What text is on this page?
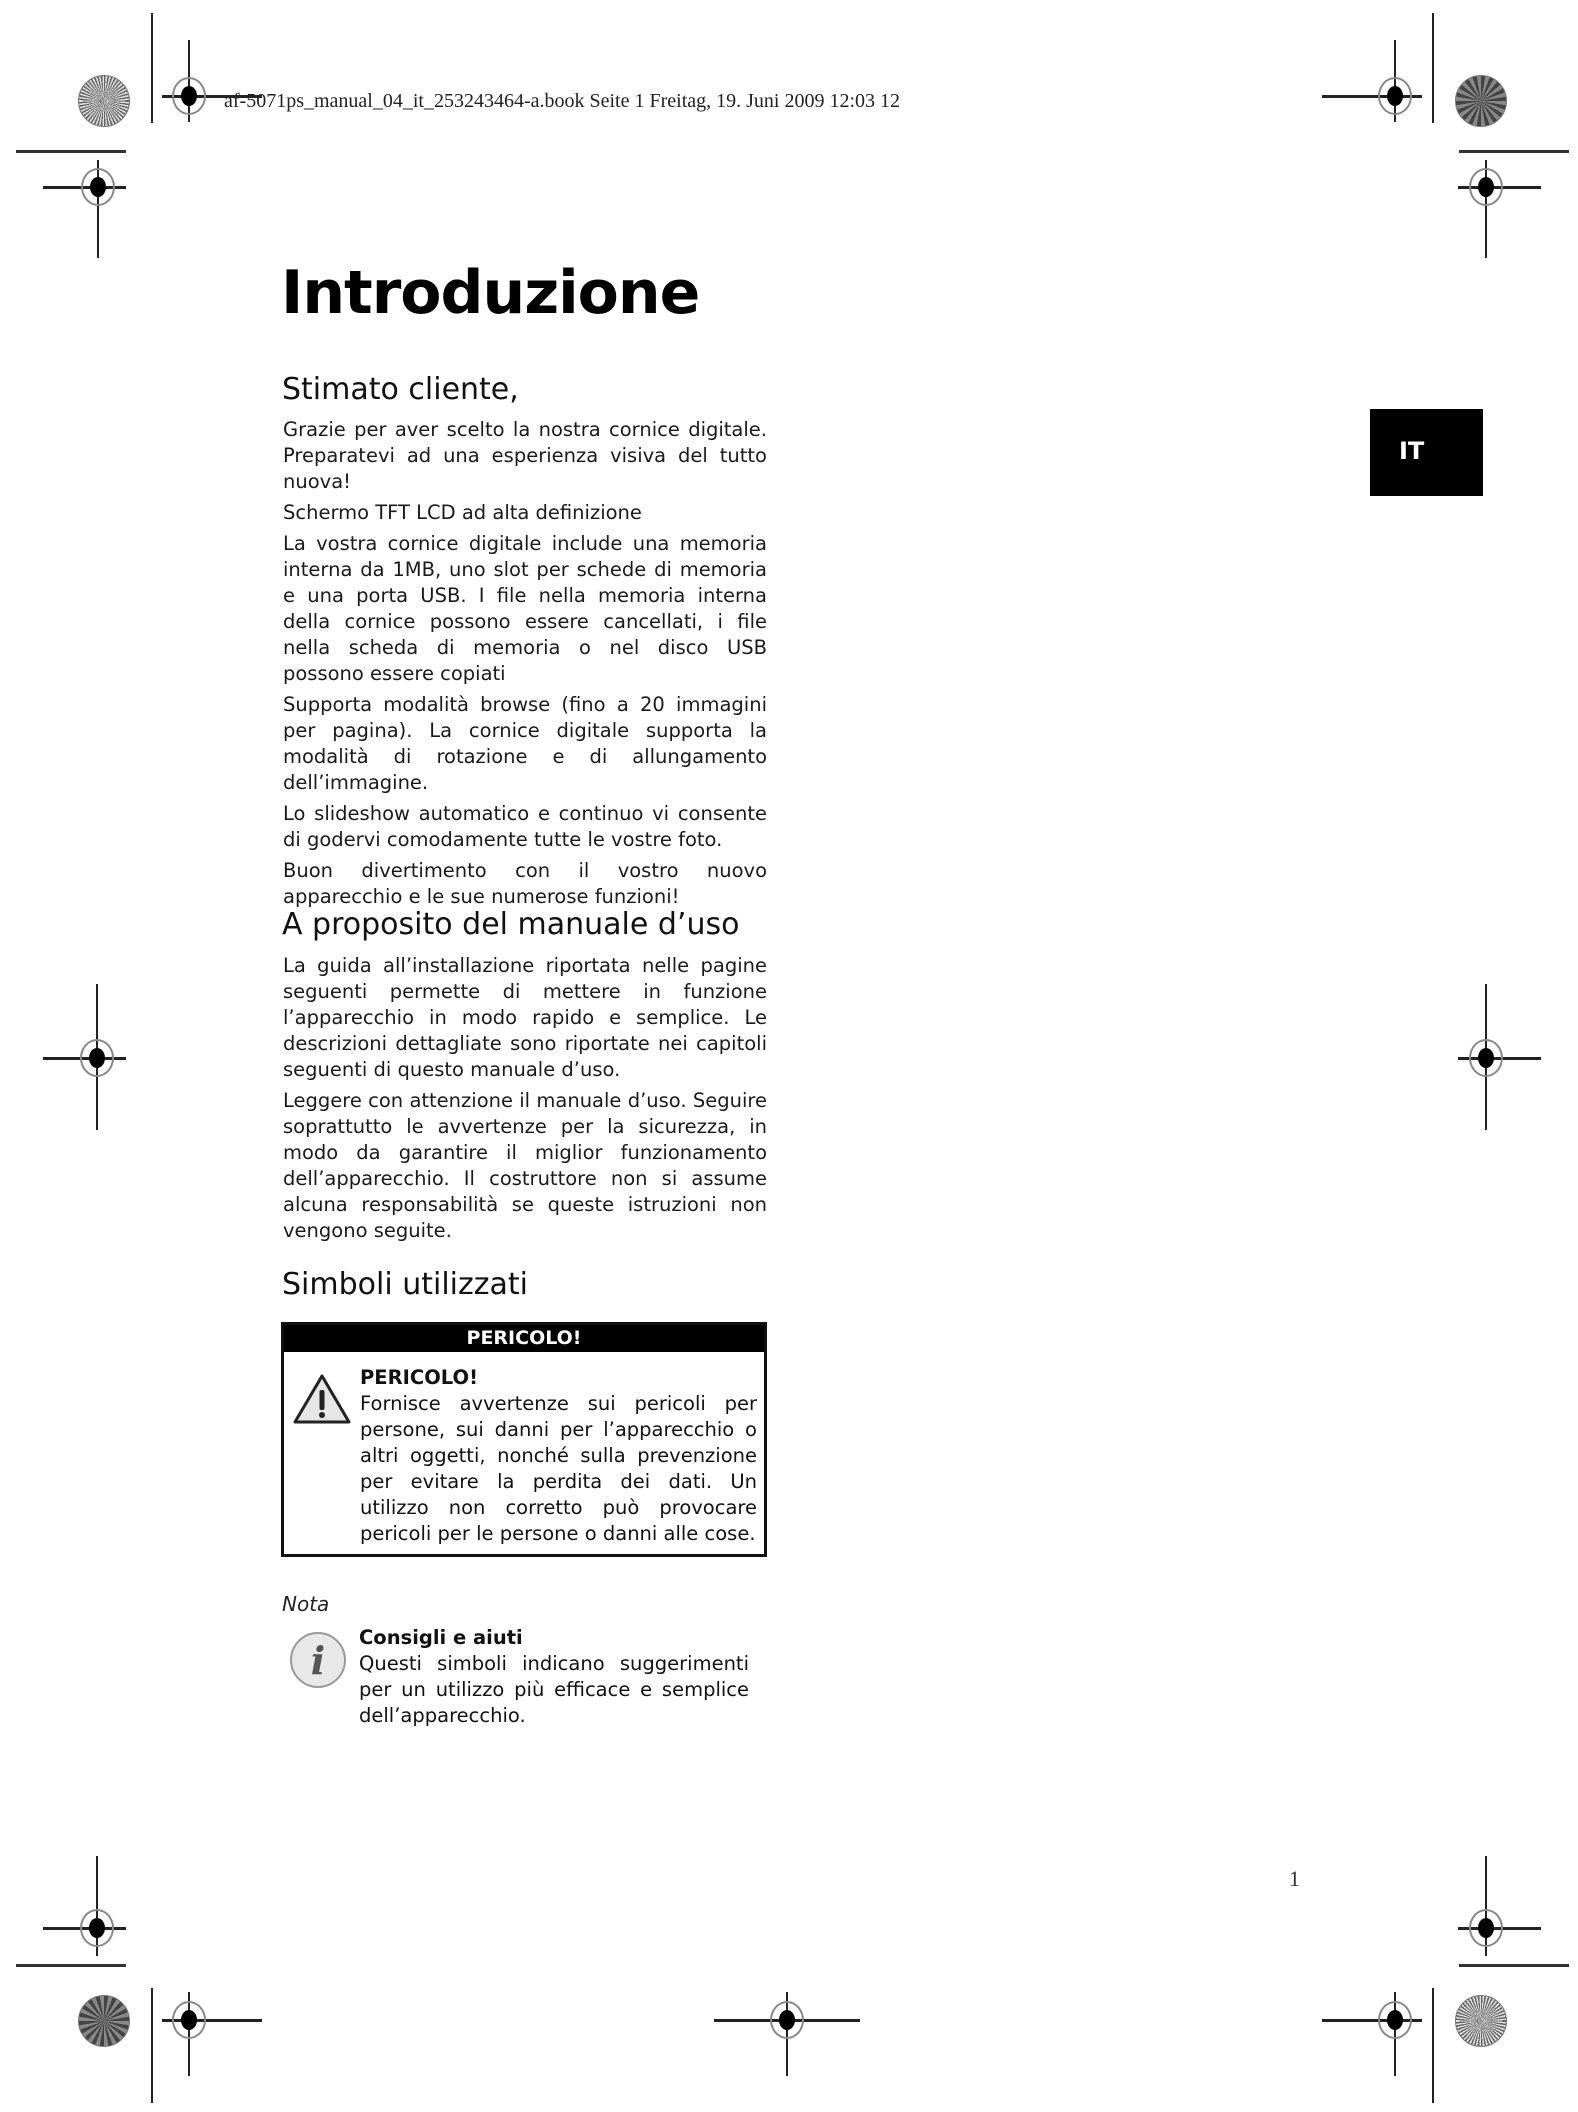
af-5071ps_manual_04_it_253243464-a.book Seite 1 Freitag, 19. Juni 2009 12:03 12
IT
Introduzione
Stimato cliente,

Grazie per aver scelto la nostra cornice digitale. Preparatevi ad una esperienza visiva del tutto nuova!

Schermo TFT LCD ad alta definizione

La vostra cornice digitale include una memoria interna da 1MB, uno slot per schede di memoria e una porta USB. I file nella memoria interna della cornice possono essere cancellati, i file nella scheda di memoria o nel disco USB possono essere copiati

Supporta modalità browse (fino a 20 immagini per pagina). La cornice digitale supporta la modalità di rotazione e di allungamento dell’immagine.

Lo slideshow automatico e continuo vi consente di godervi comodamente tutte le vostre foto.

Buon divertimento con il vostro nuovo apparecchio e le sue numerose funzioni!

A proposito del manuale d’uso

La guida all’installazione riportata nelle pagine seguenti permette di mettere in funzione l’apparecchio in modo rapido e semplice. Le descrizioni dettagliate sono riportate nei capitoli seguenti di questo manuale d’uso.

Leggere con attenzione il manuale d’uso. Seguire soprattutto le avvertenze per la sicurezza, in modo da garantire il miglior funzionamento dell’apparecchio. Il costruttore non si assume alcuna responsabilità se queste istruzioni non vengono seguite.

Simboli utilizzati
PERICOLO!
PERICOLO!
Fornisce avvertenze sui pericoli per persone, sui danni per l’apparecchio o altri oggetti, nonché sulla prevenzione per evitare la perdita dei dati. Un utilizzo non corretto può provocare pericoli per le persone o danni alle cose.
Nota
i
Consigli e aiuti
Questi simboli indicano suggerimenti per un utilizzo più efficace e semplice dell’apparecchio.
1
